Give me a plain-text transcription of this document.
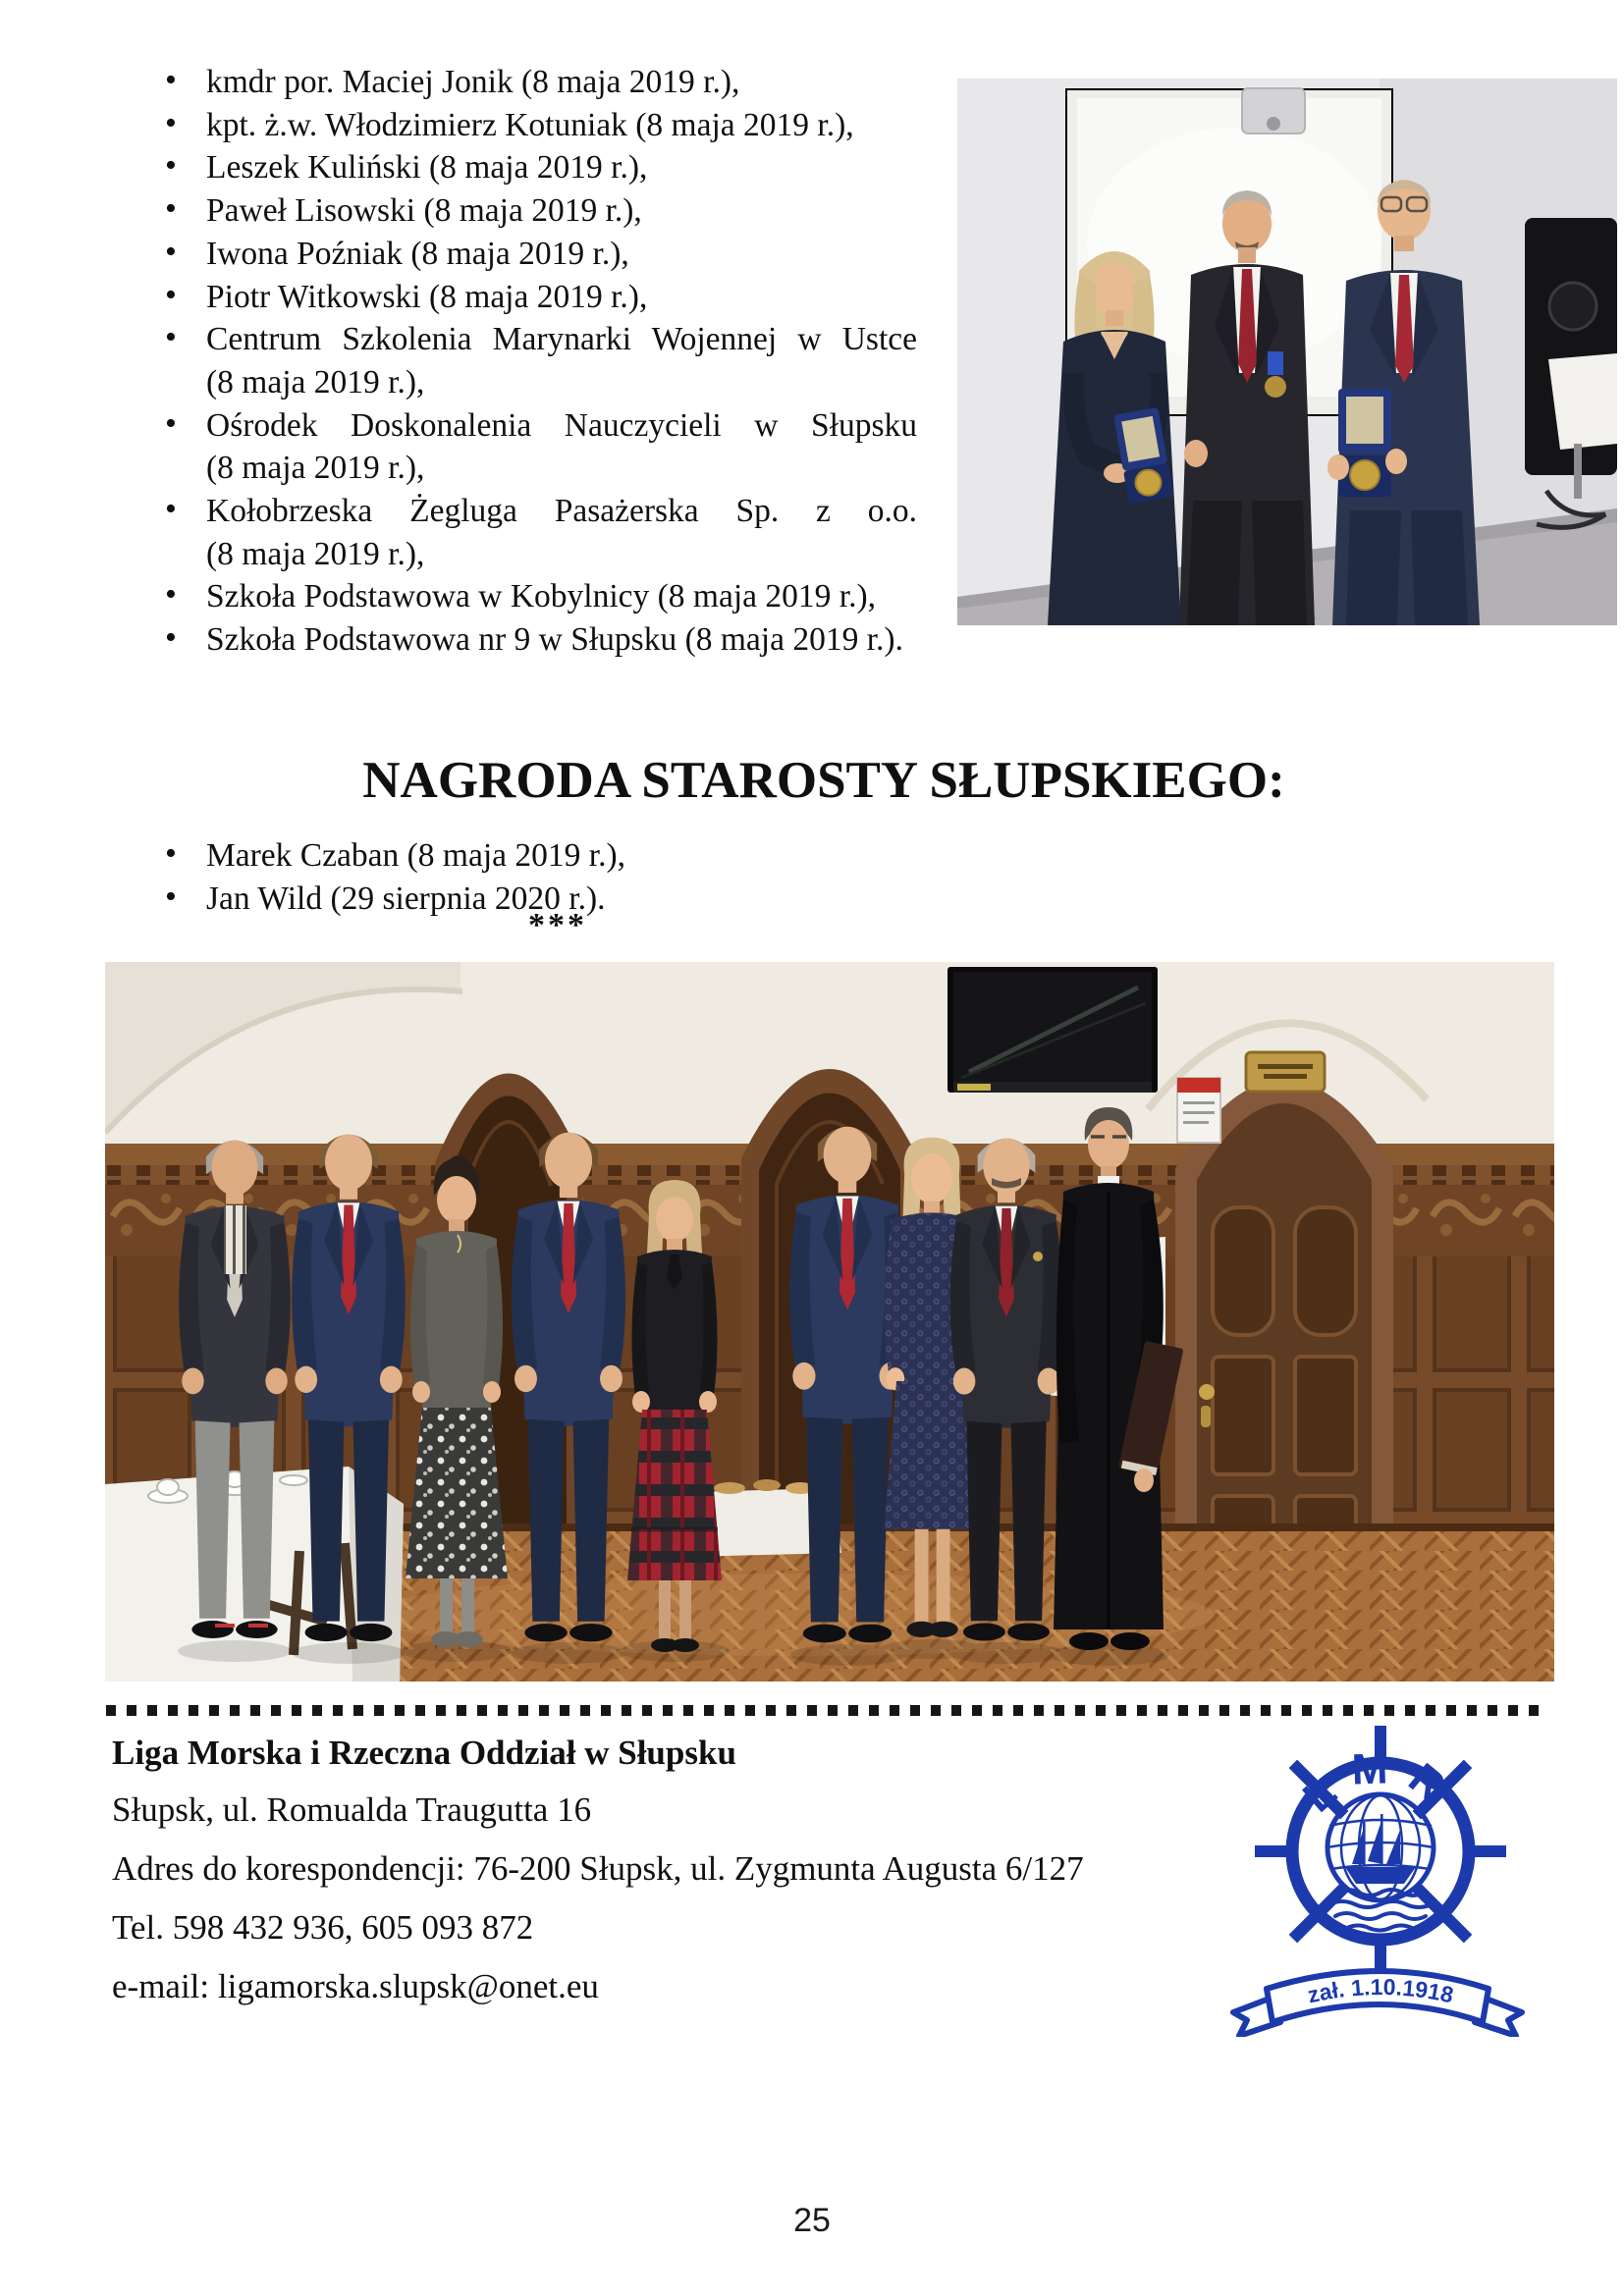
• kmdr por. Maciej Jonik (8 maja 2019 r.),
• kpt. ż.w. Włodzimierz Kotuniak (8 maja 2019 r.),
• Leszek Kuliński (8 maja 2019 r.),
• Paweł Lisowski (8 maja 2019 r.),
• Iwona Poźniak (8 maja 2019 r.),
• Piotr Witkowski (8 maja 2019 r.),
• Centrum Szkolenia Marynarki Wojennej w Ustce
(8 maja 2019 r.),
• Ośrodek Doskonalenia Nauczycieli w Słupsku
(8 maja 2019 r.),
• Kołobrzeska Żegluga Pasażerska Sp. z o.o.
(8 maja 2019 r.),
• Szkoła Podstawowa w Kobylnicy (8 maja 2019 r.),
• Szkoła Podstawowa nr 9 w Słupsku (8 maja 2019 r.).
NAGRODA STAROSTY SŁUPSKIEGO:
• Marek Czaban (8 maja 2019 r.),
• Jan Wild (29 sierpnia 2020 r.).
***
Liga Morska i Rzeczna Oddział w Słupsku
Słupsk, ul. Romualda Traugutta 16
Adres do korespondencji: 76-200 Słupsk, ul. Zygmunta Augusta 6/127
Tel. 598 432 936, 605 093 872
e-mail: ligamorska.slupsk@onet.eu
LMR
zał. 1.10.1918
25
